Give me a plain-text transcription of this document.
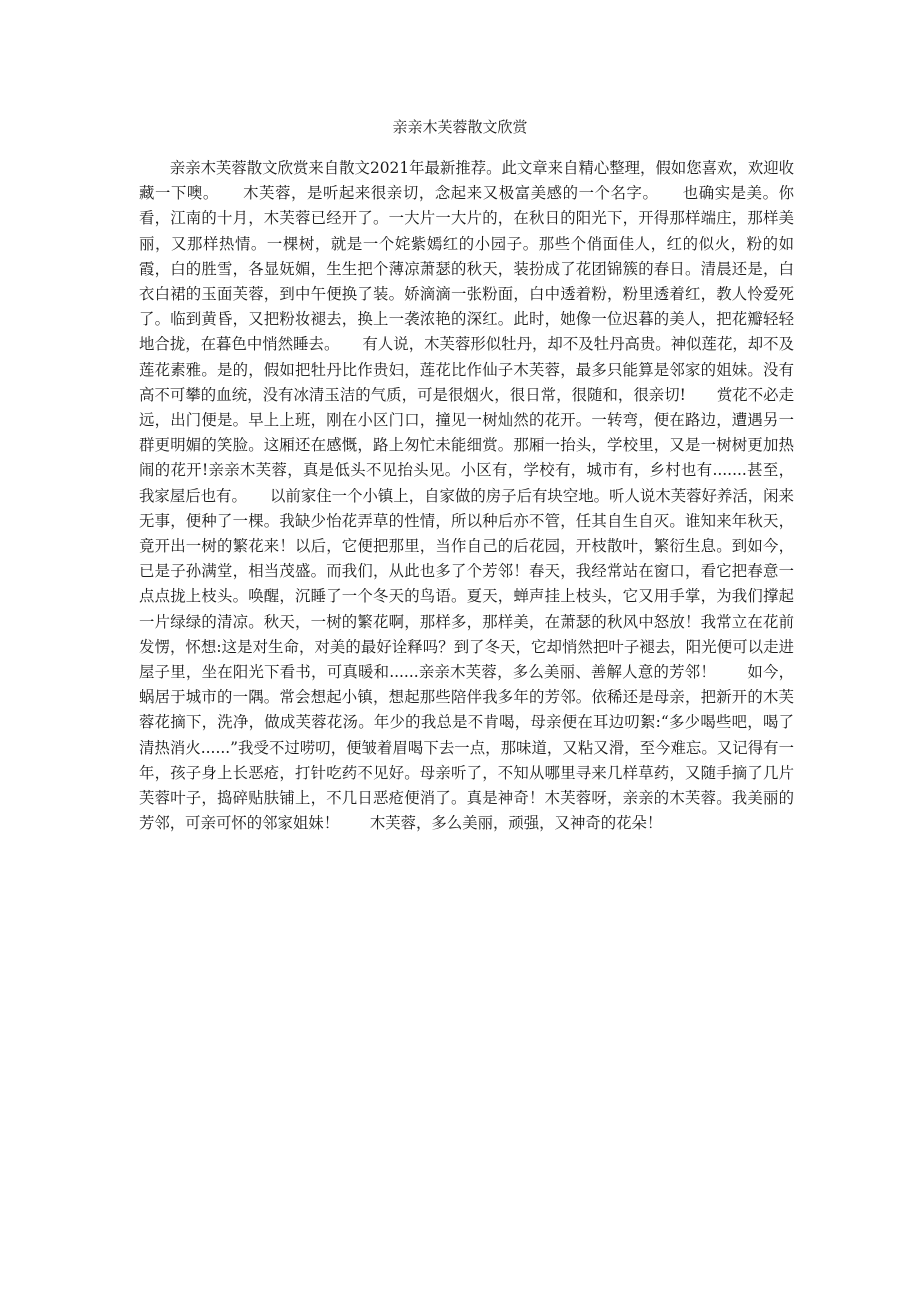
亲亲木芙蓉散文欣赏

亲亲木芙蓉散文欣赏来自散文2021年最新推荐。此文章来自精心整理，假如您喜欢，欢迎收藏一下噢。　　木芙蓉，是听起来很亲切，念起来又极富美感的一个名字。　　也确实是美。你看，江南的十月，木芙蓉已经开了。一大片一大片的，在秋日的阳光下，开得那样端庄，那样美丽，又那样热情。一棵树，就是一个姹紫嫣红的小园子。那些个俏面佳人，红的似火，粉的如霞，白的胜雪，各显妩媚，生生把个薄凉萧瑟的秋天，装扮成了花团锦簇的春日。清晨还是，白衣白裙的玉面芙蓉，到中午便换了装。娇滴滴一张粉面，白中透着粉，粉里透着红，教人怜爱死了。临到黄昏，又把粉妆褪去，换上一袭浓艳的深红。此时，她像一位迟暮的美人，把花瓣轻轻地合拢，在暮色中悄然睡去。　　有人说，木芙蓉形似牡丹，却不及牡丹高贵。神似莲花，却不及莲花素雅。是的，假如把牡丹比作贵妇，莲花比作仙子木芙蓉，最多只能算是邻家的姐妹。没有高不可攀的血统，没有冰清玉洁的气质，可是很烟火，很日常，很随和，很亲切!　　赏花不必走远，出门便是。早上上班，刚在小区门口，撞见一树灿然的花开。一转弯，便在路边，遭遇另一群更明媚的笑脸。这厢还在感慨，路上匆忙未能细赏。那厢一抬头，学校里，又是一树树更加热闹的花开!亲亲木芙蓉，真是低头不见抬头见。小区有，学校有，城市有，乡村也有.......甚至，我家屋后也有。　　以前家住一个小镇上，自家做的房子后有块空地。听人说木芙蓉好养活，闲来无事，便种了一棵。我缺少怡花弄草的性情，所以种后亦不管，任其自生自灭。谁知来年秋天，竟开出一树的繁花来！以后，它便把那里，当作自己的后花园，开枝散叶，繁衍生息。到如今，已是子孙满堂，相当茂盛。而我们，从此也多了个芳邻！春天，我经常站在窗口，看它把春意一点点拢上枝头。唤醒，沉睡了一个冬天的鸟语。夏天，蝉声挂上枝头，它又用手掌，为我们撑起一片绿绿的清凉。秋天，一树的繁花啊，那样多，那样美，在萧瑟的秋风中怒放！我常立在花前发愣，怀想:这是对生命，对美的最好诠释吗？到了冬天，它却悄然把叶子褪去，阳光便可以走进屋子里，坐在阳光下看书，可真暖和......亲亲木芙蓉，多么美丽、善解人意的芳邻！　　如今，蜗居于城市的一隅。常会想起小镇，想起那些陪伴我多年的芳邻。依稀还是母亲，把新开的木芙蓉花摘下，洗净，做成芙蓉花汤。年少的我总是不肯喝，母亲便在耳边叨絮:“多少喝些吧，喝了清热消火......”我受不过唠叨，便皱着眉喝下去一点，那味道，又粘又滑，至今难忘。又记得有一年，孩子身上长恶疮，打针吃药不见好。母亲听了，不知从哪里寻来几样草药，又随手摘了几片芙蓉叶子，捣碎贴肤铺上，不几日恶疮便消了。真是神奇！木芙蓉呀，亲亲的木芙蓉。我美丽的芳邻，可亲可怀的邻家姐妹！　　木芙蓉，多么美丽，顽强，又神奇的花朵！
